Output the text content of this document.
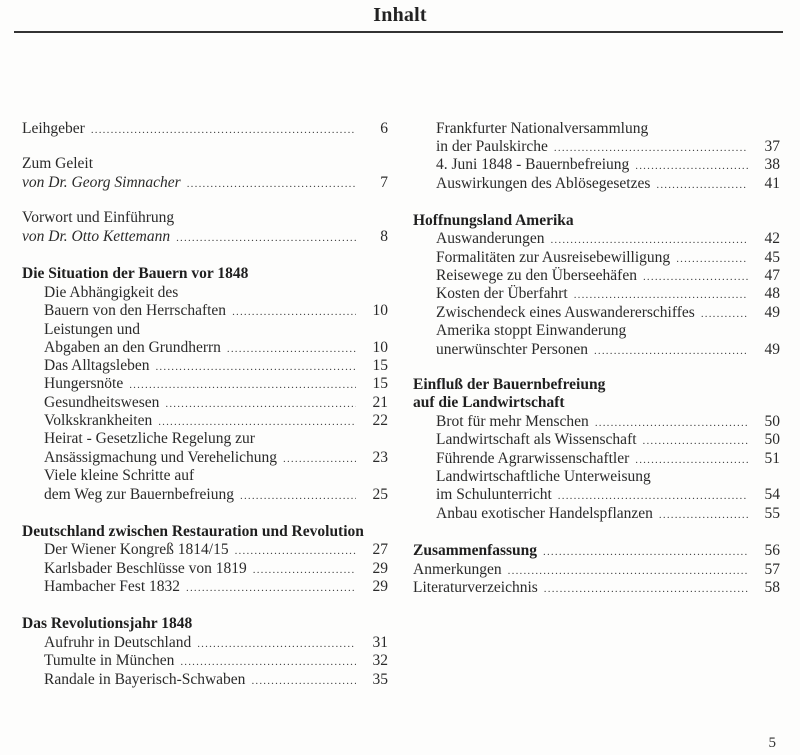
Inhalt
Leihgeber .....	6
Zum Geleit
von Dr. Georg Simnacher .....	7
Vorwort und Einführung
von Dr. Otto Kettemann .....	8
Die Situation der Bauern vor 1848
Die Abhängigkeit des
Bauern von den Herrschaften .....	10
Leistungen und
Abgaben an den Grundherrn .....	10
Das Alltagsleben .....	15
Hungersnöte .....	15
Gesundheitswesen .....	21
Volkskrankheiten .....	22
Heirat - Gesetzliche Regelung zur
Ansässigmachung und Verehelichung .....	23
Viele kleine Schritte auf
dem Weg zur Bauernbefreiung .....	25
Deutschland zwischen Restauration und Revolution
Der Wiener Kongreß 1814/15 .....	27
Karlsbader Beschlüsse von 1819 .....	29
Hambacher Fest 1832 .....	29
Das Revolutionsjahr 1848
Aufruhr in Deutschland .....	31
Tumulte in München .....	32
Randale in Bayerisch-Schwaben .....	35
Frankfurter Nationalversammlung
in der Paulskirche .....	37
4. Juni 1848 - Bauernbefreiung .....	38
Auswirkungen des Ablösegesetzes .....	41
Hoffnungsland Amerika
Auswanderungen .....	42
Formalitäten zur Ausreisebewilligung .....	45
Reisewege zu den Überseehäfen .....	47
Kosten der Überfahrt .....	48
Zwischendeck eines Auswandererschiffes .....	49
Amerika stoppt Einwanderung
unerwünschter Personen .....	49
Einfluß der Bauernbefreiung
auf die Landwirtschaft
Brot für mehr Menschen .....	50
Landwirtschaft als Wissenschaft .....	50
Führende Agrarwissenschaftler .....	51
Landwirtschaftliche Unterweisung
im Schulunterricht .....	54
Anbau exotischer Handelspflanzen .....	55
Zusammenfassung .....	56
Anmerkungen .....	57
Literaturverzeichnis .....	58
5
